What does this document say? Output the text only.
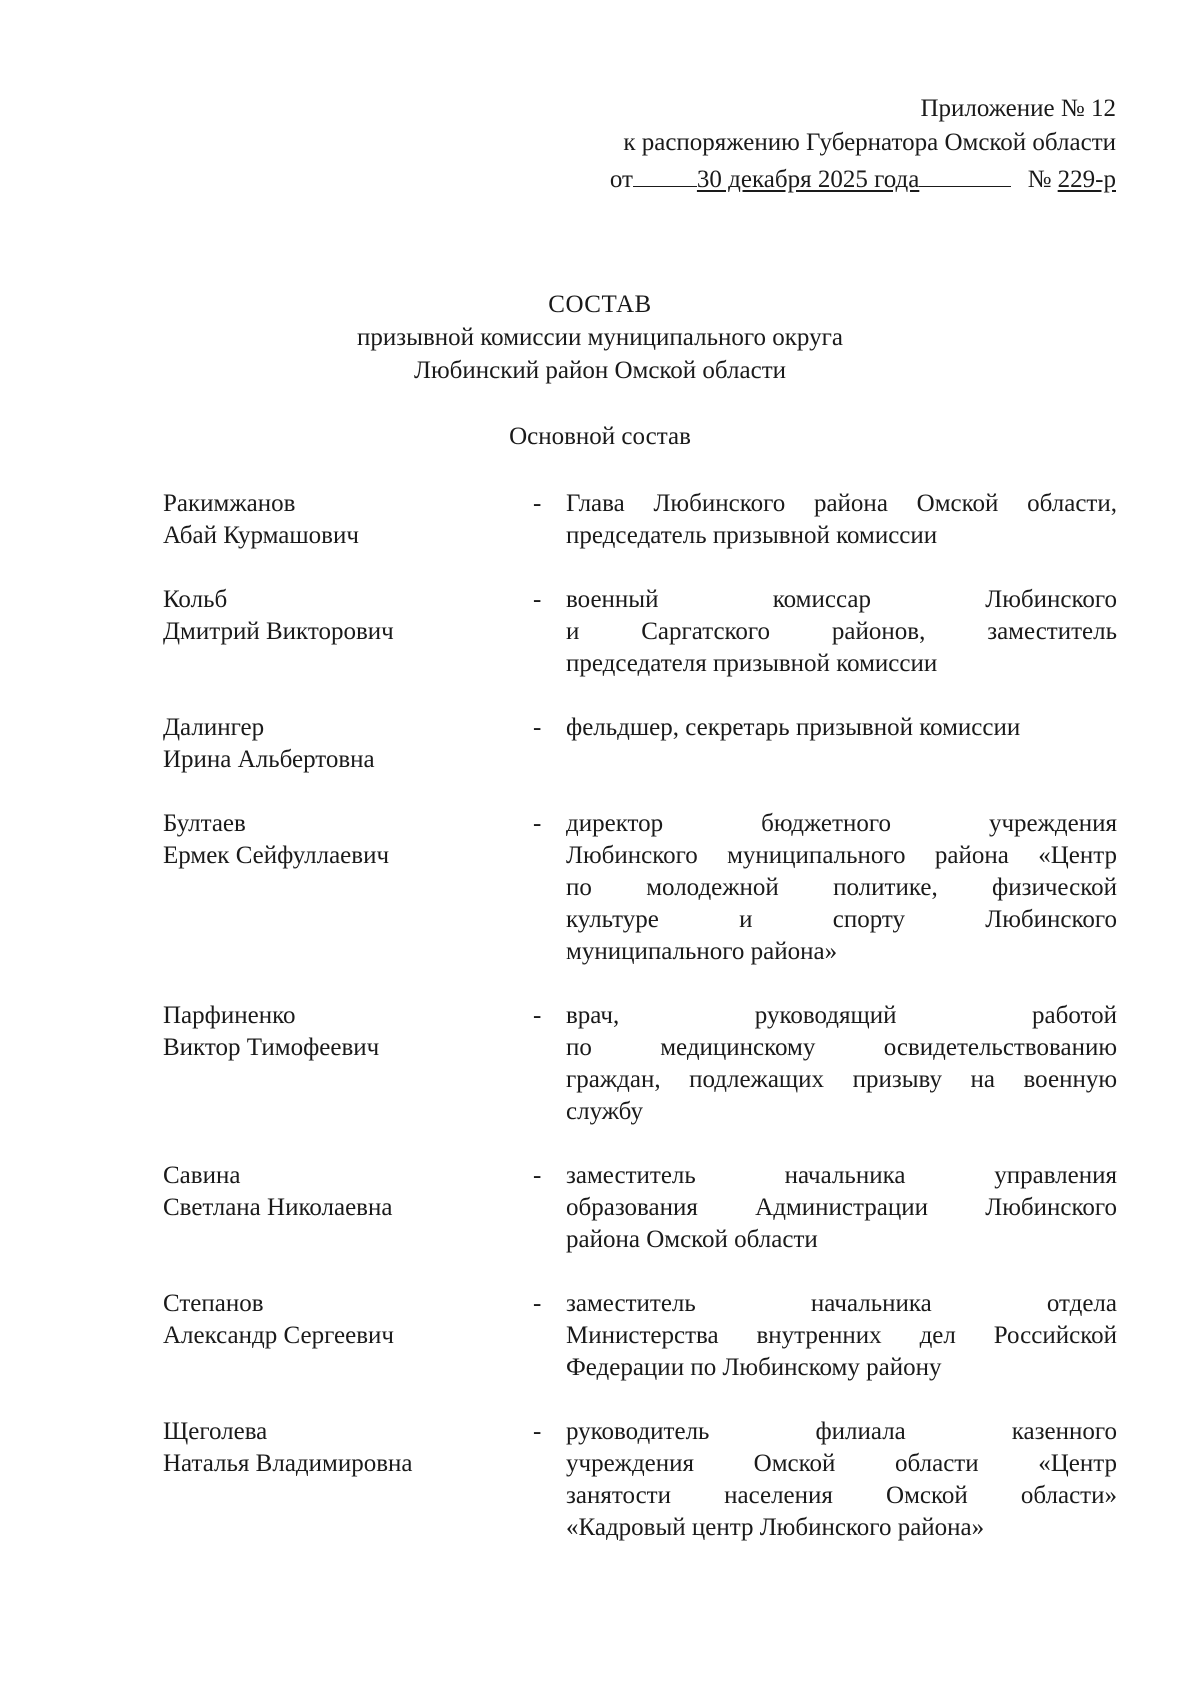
Приложение № 12
к распоряжению Губернатора Омской области
от	30 декабря 2025 года	№ 229-р
СОСТАВ
призывной комиссии муниципального округа
Любинский район Омской области
Основной состав
Ракимжанов
Абай Курмашович
- Глава Любинского района Омской области,
председатель призывной комиссии
Кольб
Дмитрий Викторович
- военный комиссар Любинского
и Саргатского районов, заместитель
председателя призывной комиссии
Далингер
Ирина Альбертовна
- фельдшер, секретарь призывной комиссии
Бултаев
Ермек Сейфуллаевич
- директор бюджетного учреждения
Любинского муниципального района «Центр
по молодежной политике, физической
культуре и спорту Любинского
муниципального района»
Парфиненко
Виктор Тимофеевич
- врач, руководящий работой
по медицинскому освидетельствованию
граждан, подлежащих призыву на военную
службу
Савина
Светлана Николаевна
- заместитель начальника управления
образования Администрации Любинского
района Омской области
Степанов
Александр Сергеевич
- заместитель начальника отдела
Министерства внутренних дел Российской
Федерации по Любинскому району
Щеголева
Наталья Владимировна
- руководитель филиала казенного
учреждения Омской области «Центр
занятости населения Омской области»
«Кадровый центр Любинского района»
